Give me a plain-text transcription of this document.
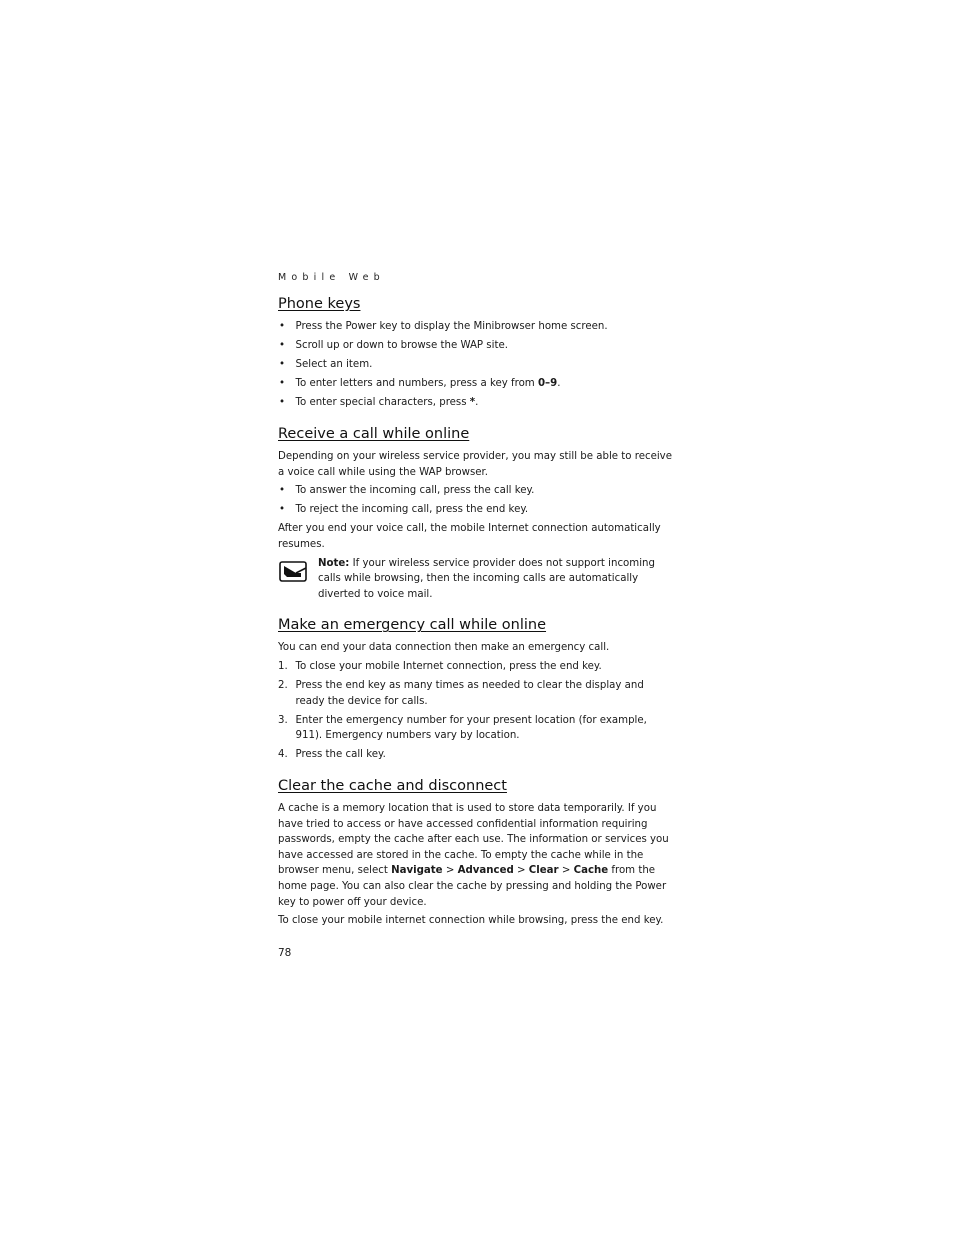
Mobile Web
Phone keys
• Press the Power key to display the Minibrowser home screen.
• Scroll up or down to browse the WAP site.
• Select an item.
• To enter letters and numbers, press a key from 0–9.
• To enter special characters, press *.
Receive a call while online

Depending on your wireless service provider, you may still be able to receive a voice call while using the WAP browser.

• To answer the incoming call, press the call key.
• To reject the incoming call, press the end key.

After you end your voice call, the mobile Internet connection automatically resumes.

Note: If your wireless service provider does not support incoming calls while browsing, then the incoming calls are automatically diverted to voice mail.
Make an emergency call while online

You can end your data connection then make an emergency call.

1. To close your mobile Internet connection, press the end key.
2. Press the end key as many times as needed to clear the display and ready the device for calls.
3. Enter the emergency number for your present location (for example, 911). Emergency numbers vary by location.
4. Press the call key.
Clear the cache and disconnect

A cache is a memory location that is used to store data temporarily. If you have tried to access or have accessed confidential information requiring passwords, empty the cache after each use. The information or services you have accessed are stored in the cache. To empty the cache while in the browser menu, select Navigate > Advanced > Clear > Cache from the home page. You can also clear the cache by pressing and holding the Power key to power off your device.

To close your mobile internet connection while browsing, press the end key.

78
